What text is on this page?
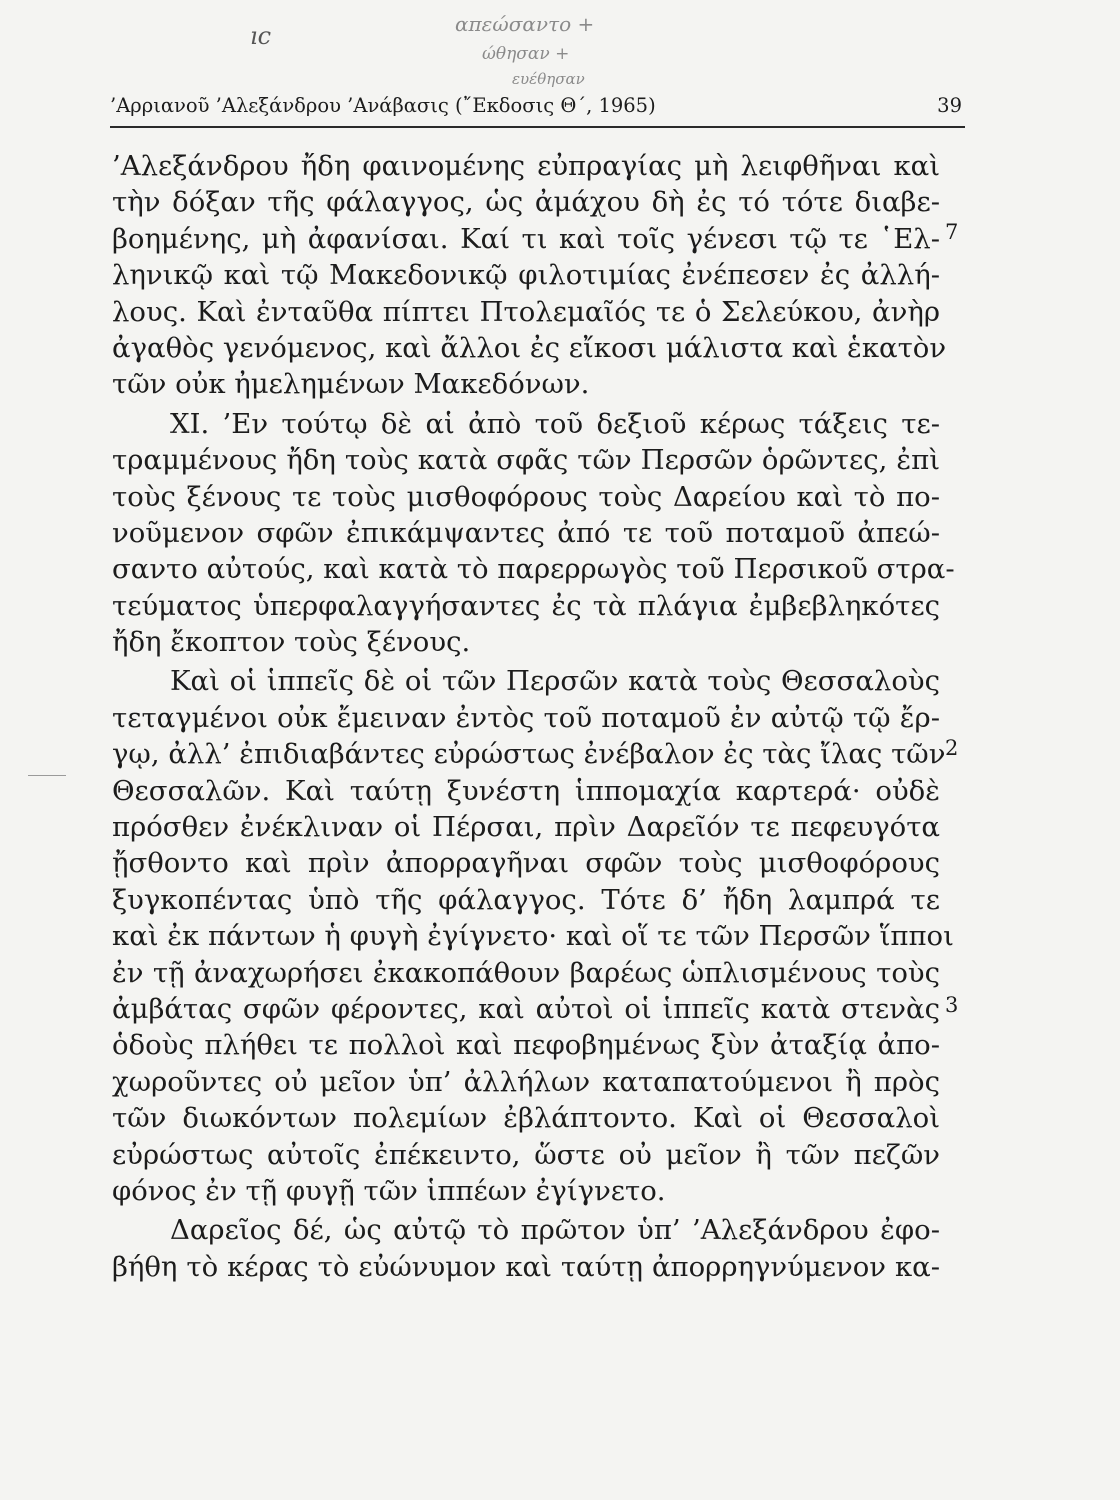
ıc	απεώσαντο +
ώθησαν +
ευέθησαν
’Αρριανοῦ ’Αλεξάνδρου ’Ανάβασις (῎Εκδοσις Θ΄, 1965)	39
’Αλεξάνδρου ἤδη φαινομένης εὐπραγίας μὴ λειφθῆναι καὶ
τὴν δόξαν τῆς φάλαγγος, ὡς ἀμάχου δὴ ἐς τό τότε διαβε-
βοημένης, μὴ ἀφανίσαι. Καί τι καὶ τοῖς γένεσι τῷ τε ῾Ελ-
ληνικῷ καὶ τῷ Μακεδονικῷ φιλοτιμίας ἐνέπεσεν ἐς ἀλλή-
λους. Καὶ ἐνταῦθα πίπτει Πτολεμαῖός τε ὁ Σελεύκου, ἀνὴρ
ἀγαθὸς γενόμενος, καὶ ἄλλοι ἐς εἴκοσι μάλιστα καὶ ἑκατὸν
τῶν οὐκ ἠμελημένων Μακεδόνων.
XI. ’Εν τούτῳ δὲ αἱ ἀπὸ τοῦ δεξιοῦ κέρως τάξεις τε-
τραμμένους ἤδη τοὺς κατὰ σφᾶς τῶν Περσῶν ὁρῶντες, ἐπὶ
τοὺς ξένους τε τοὺς μισθοφόρους τοὺς Δαρείου καὶ τὸ πο-
νοῦμενον σφῶν ἐπικάμψαντες ἀπό τε τοῦ ποταμοῦ ἀπεώ-
σαντο αὐτούς, καὶ κατὰ τὸ παρερρωγὸς τοῦ Περσικοῦ στρα-
τεύματος ὑπερφαλαγγήσαντες ἐς τὰ πλάγια ἐμβεβληκότες
ἤδη ἔκοπτον τοὺς ξένους.
Καὶ οἱ ἱππεῖς δὲ οἱ τῶν Περσῶν κατὰ τοὺς Θεσσαλοὺς
τεταγμένοι οὐκ ἔμειναν ἐντὸς τοῦ ποταμοῦ ἐν αὐτῷ τῷ ἔρ-
γῳ, ἀλλ’ ἐπιδιαβάντες εὐρώστως ἐνέβαλον ἐς τὰς ἴλας τῶν
Θεσσαλῶν. Καὶ ταύτῃ ξυνέστη ἱππομαχία καρτερά· οὐδὲ
πρόσθεν ἐνέκλιναν οἱ Πέρσαι, πρὶν Δαρεῖόν τε πεφευγότα
ᾔσθοντο καὶ πρὶν ἀπορραγῆναι σφῶν τοὺς μισθοφόρους
ξυγκοπέντας ὑπὸ τῆς φάλαγγος. Τότε δ’ ἤδη λαμπρά τε
καὶ ἐκ πάντων ἡ φυγὴ ἐγίγνετο· καὶ οἵ τε τῶν Περσῶν ἵπποι
ἐν τῇ ἀναχωρήσει ἐκακοπάθουν βαρέως ὡπλισμένους τοὺς
ἀμβάτας σφῶν φέροντες, καὶ αὐτοὶ οἱ ἱππεῖς κατὰ στενὰς
ὁδοὺς πλήθει τε πολλοὶ καὶ πεφοβημένως ξὺν ἀταξίᾳ ἀπο-
χωροῦντες οὐ μεῖον ὑπ’ ἀλλήλων καταπατούμενοι ἢ πρὸς
τῶν διωκόντων πολεμίων ἐβλάπτοντο. Καὶ οἱ Θεσσαλοὶ
εὐρώστως αὐτοῖς ἐπέκειντο, ὥστε οὐ μεῖον ἢ τῶν πεζῶν
φόνος ἐν τῇ φυγῇ τῶν ἱππέων ἐγίγνετο.
Δαρεῖος δέ, ὡς αὐτῷ τὸ πρῶτον ὑπ’ ’Αλεξάνδρου ἐφο-
βήθη τὸ κέρας τὸ εὐώνυμον καὶ ταύτῃ ἀπορρηγνύμενον κα-
7
2
3
